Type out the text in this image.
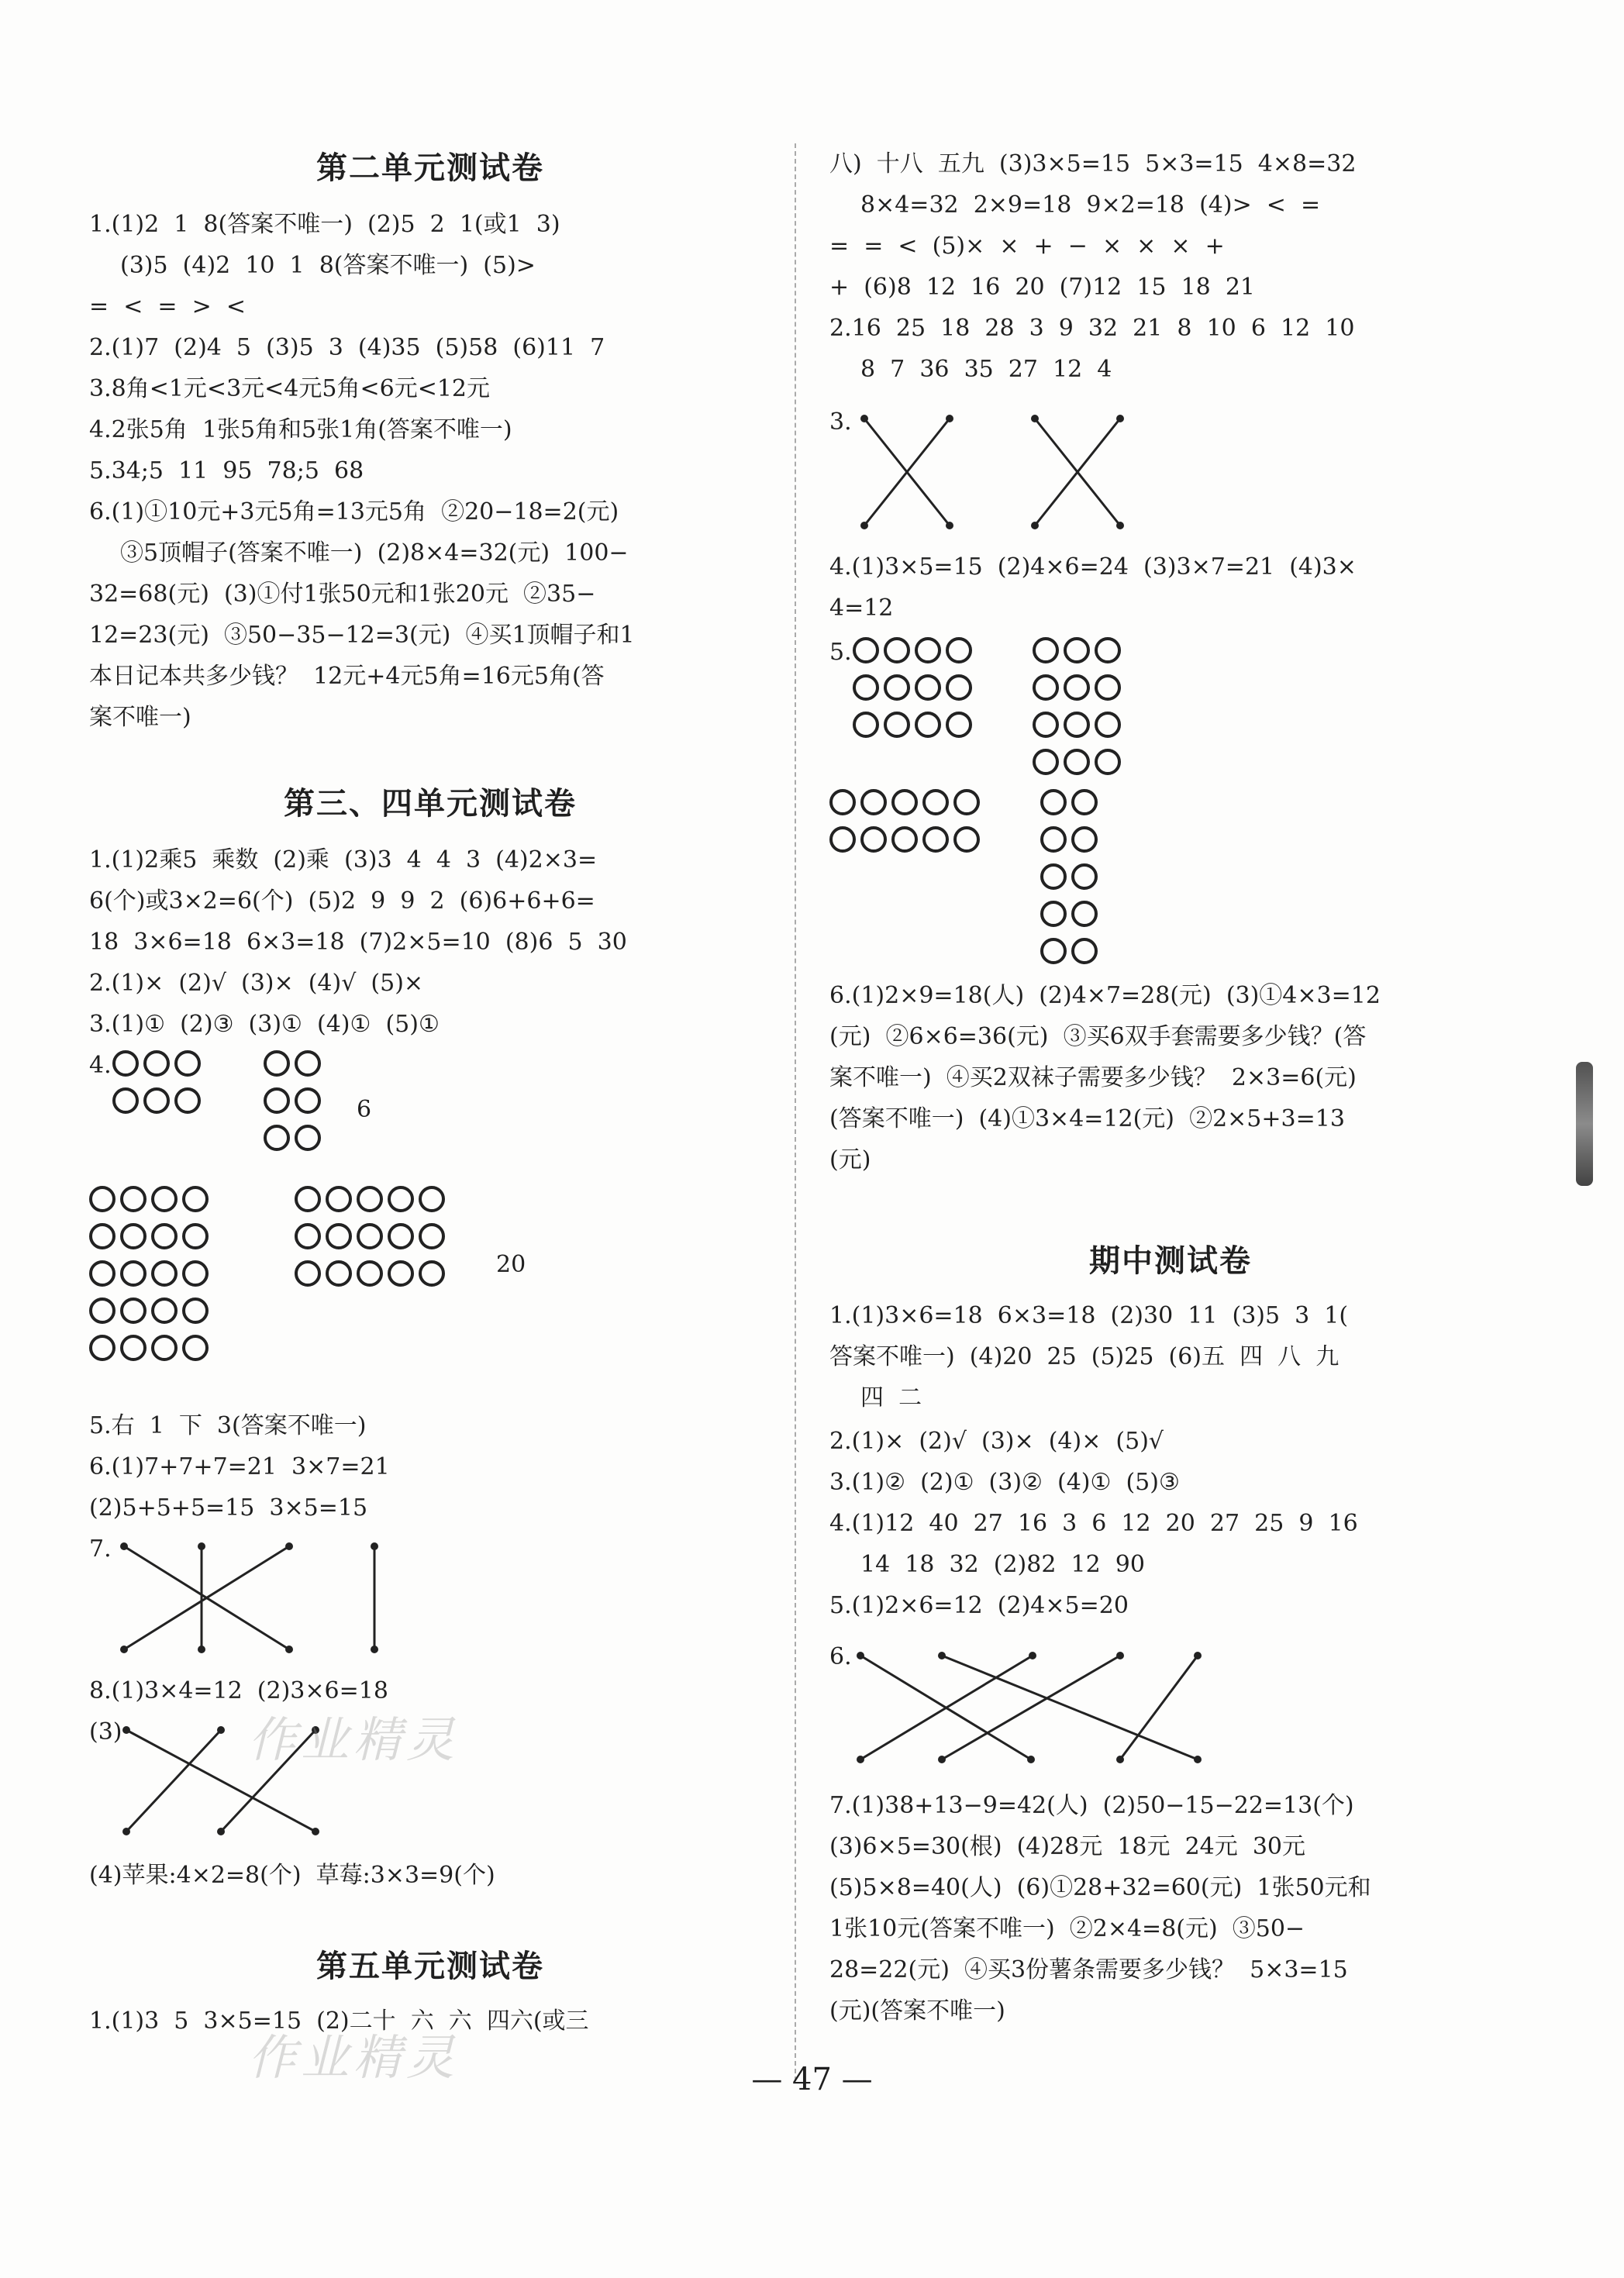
第二单元测试卷
1.(1)2  1  8(答案不唯一)  (2)5  2  1(或1  3)
(3)5  (4)2  10  1  8(答案不唯一)  (5)>
=  <  =  >  <
2.(1)7  (2)4  5  (3)5  3  (4)35  (5)58  (6)11  7
3.8角<1元<3元<4元5角<6元<12元
4.2张5角  1张5角和5张1角(答案不唯一)
5.34;5  11  95  78;5  68
6.(1)①10元+3元5角=13元5角  ②20−18=2(元)
③5顶帽子(答案不唯一)  (2)8×4=32(元)  100−
32=68(元)  (3)①付1张50元和1张20元  ②35−
12=23(元)  ③50−35−12=3(元)  ④买1顶帽子和1
本日记本共多少钱？  12元+4元5角=16元5角(答
案不唯一)
第三、四单元测试卷
1.(1)2乘5  乘数  (2)乘  (3)3  4  4  3  (4)2×3=
6(个)或3×2=6(个)  (5)2  9  9  2  (6)6+6+6=
18  3×6=18  6×3=18  (7)2×5=10  (8)6  5  30
2.(1)×  (2)√  (3)×  (4)√  (5)×
3.(1)①  (2)③  (3)①  (4)①  (5)①
4.
6
20
5.右  1  下  3(答案不唯一)
6.(1)7+7+7=21  3×7=21
(2)5+5+5=15  3×5=15
7.
8.(1)3×4=12  (2)3×6=18
(3)
(4)苹果:4×2=8(个)  草莓:3×3=9(个)
第五单元测试卷
1.(1)3  5  3×5=15  (2)二十  六  六  四六(或三
八)  十八  五九  (3)3×5=15  5×3=15  4×8=32
8×4=32  2×9=18  9×2=18  (4)>  <  =
=  =  <  (5)×  ×  +  −  ×  ×  ×  +
+  (6)8  12  16  20  (7)12  15  18  21
2.16  25  18  28  3  9  32  21  8  10  6  12  10
8  7  36  35  27  12  4
3.
4.(1)3×5=15  (2)4×6=24  (3)3×7=21  (4)3×
4=12
5.
6.(1)2×9=18(人)  (2)4×7=28(元)  (3)①4×3=12
(元)  ②6×6=36(元)  ③买6双手套需要多少钱？(答
案不唯一)  ④买2双袜子需要多少钱？  2×3=6(元)
(答案不唯一)  (4)①3×4=12(元)  ②2×5+3=13
(元)
期中测试卷
1.(1)3×6=18  6×3=18  (2)30  11  (3)5  3  1(
答案不唯一)  (4)20  25  (5)25  (6)五  四  八  九
四  二
2.(1)×  (2)√  (3)×  (4)×  (5)√
3.(1)②  (2)①  (3)②  (4)①  (5)③
4.(1)12  40  27  16  3  6  12  20  27  25  9  16
14  18  32  (2)82  12  90
5.(1)2×6=12  (2)4×5=20
6.
7.(1)38+13−9=42(人)  (2)50−15−22=13(个)
(3)6×5=30(根)  (4)28元  18元  24元  30元
(5)5×8=40(人)  (6)①28+32=60(元)  1张50元和
1张10元(答案不唯一)  ②2×4=8(元)  ③50−
28=22(元)  ④买3份薯条需要多少钱？  5×3=15
(元)(答案不唯一)
作业精灵
作业精灵	— 47 —
